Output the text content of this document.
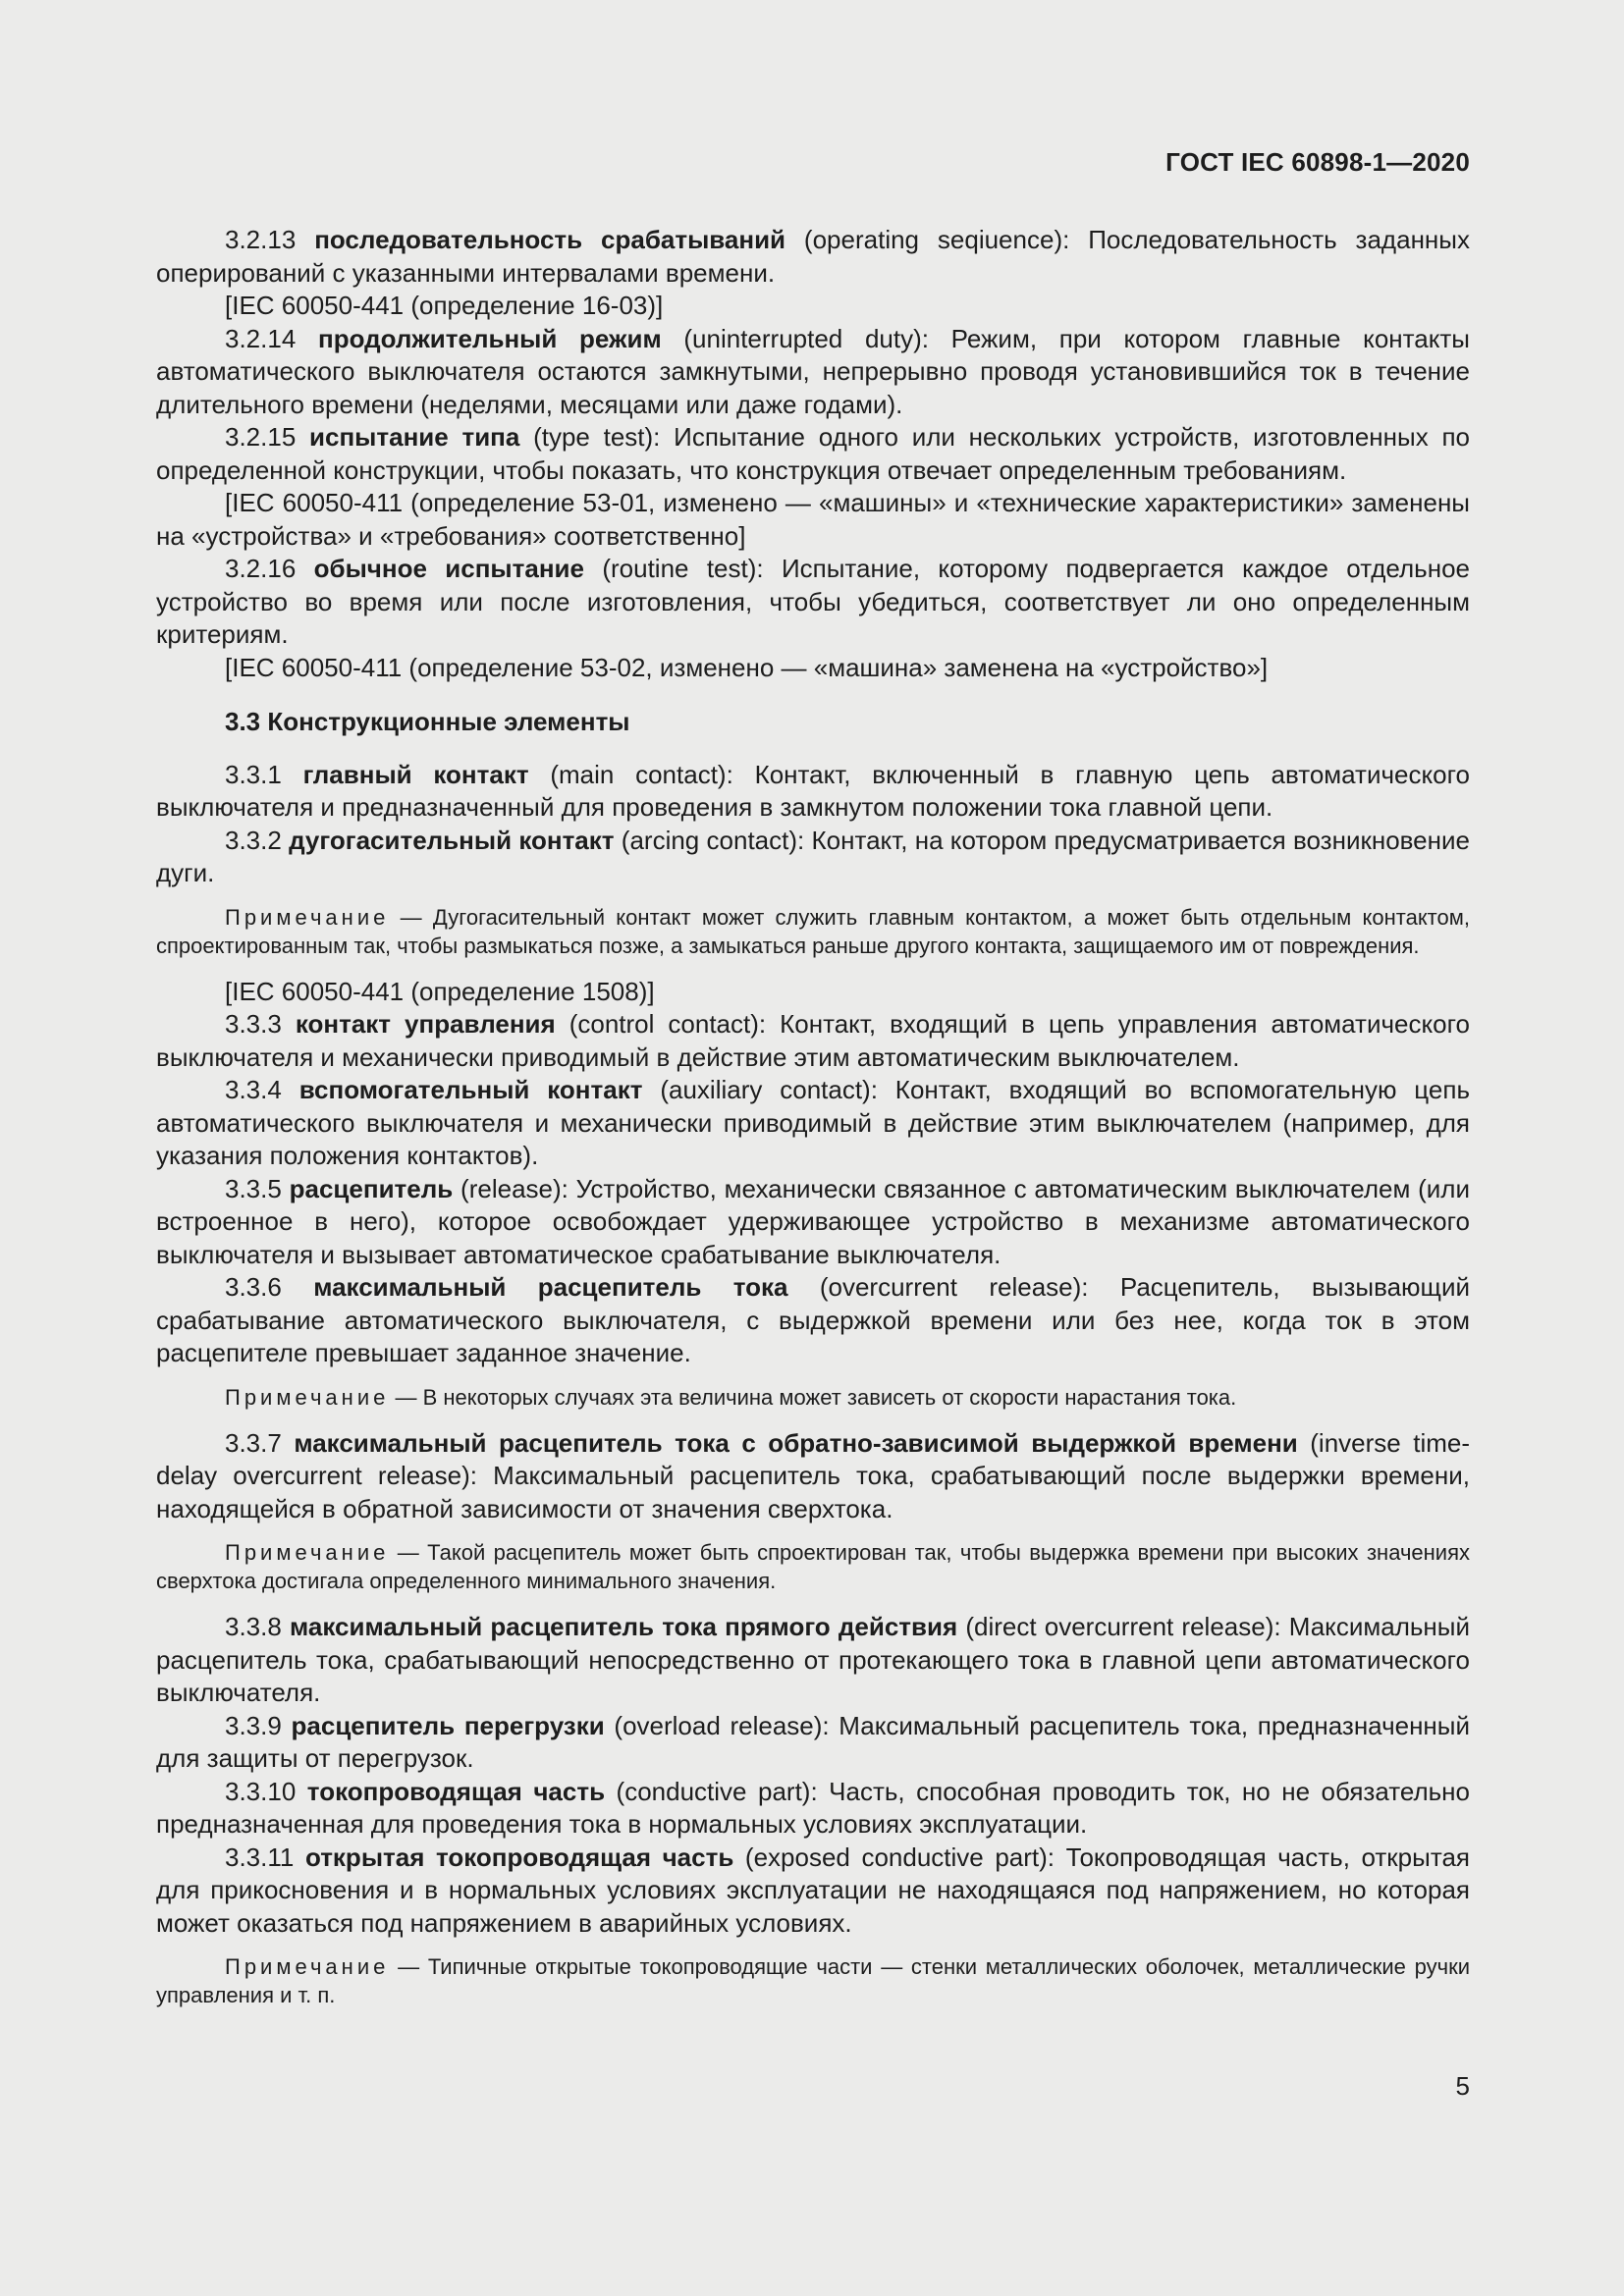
ГОСТ IEC 60898-1—2020

3.2.13 последовательность срабатываний (operating seqiuence): Последовательность заданных оперирований с указанными интервалами времени.

[IEC 60050-441 (определение 16-03)]

3.2.14 продолжительный режим (uninterrupted duty): Режим, при котором главные контакты автоматического выключателя остаются замкнутыми, непрерывно проводя установившийся ток в течение длительного времени (неделями, месяцами или даже годами).

3.2.15 испытание типа (type test): Испытание одного или нескольких устройств, изготовленных по определенной конструкции, чтобы показать, что конструкция отвечает определенным требованиям.

[IEC 60050-411 (определение 53-01, изменено — «машины» и «технические характеристики» заменены на «устройства» и «требования» соответственно]

3.2.16 обычное испытание (routine test): Испытание, которому подвергается каждое отдельное устройство во время или после изготовления, чтобы убедиться, соответствует ли оно определенным критериям.

[IEC 60050-411 (определение 53-02, изменено — «машина» заменена на «устройство»]

3.3 Конструкционные элементы

3.3.1 главный контакт (main contact): Контакт, включенный в главную цепь автоматического выключателя и предназначенный для проведения в замкнутом положении тока главной цепи.

3.3.2 дугогасительный контакт (arcing contact): Контакт, на котором предусматривается возникновение дуги.

Примечание — Дугогасительный контакт может служить главным контактом, а может быть отдельным контактом, спроектированным так, чтобы размыкаться позже, а замыкаться раньше другого контакта, защищаемого им от повреждения.

[IEC 60050-441 (определение 1508)]

3.3.3 контакт управления (control contact): Контакт, входящий в цепь управления автоматического выключателя и механически приводимый в действие этим автоматическим выключателем.

3.3.4 вспомогательный контакт (auxiliary contact): Контакт, входящий во вспомогательную цепь автоматического выключателя и механически приводимый в действие этим выключателем (например, для указания положения контактов).

3.3.5 расцепитель (release): Устройство, механически связанное с автоматическим выключателем (или встроенное в него), которое освобождает удерживающее устройство в механизме автоматического выключателя и вызывает автоматическое срабатывание выключателя.

3.3.6 максимальный расцепитель тока (overcurrent release): Расцепитель, вызывающий срабатывание автоматического выключателя, с выдержкой времени или без нее, когда ток в этом расцепителе превышает заданное значение.

Примечание — В некоторых случаях эта величина может зависеть от скорости нарастания тока.

3.3.7 максимальный расцепитель тока с обратно-зависимой выдержкой времени (inverse time-delay overcurrent release): Максимальный расцепитель тока, срабатывающий после выдержки времени, находящейся в обратной зависимости от значения сверхтока.

Примечание — Такой расцепитель может быть спроектирован так, чтобы выдержка времени при высоких значениях сверхтока достигала определенного минимального значения.

3.3.8 максимальный расцепитель тока прямого действия (direct overcurrent release): Максимальный расцепитель тока, срабатывающий непосредственно от протекающего тока в главной цепи автоматического выключателя.

3.3.9 расцепитель перегрузки (overload release): Максимальный расцепитель тока, предназначенный для защиты от перегрузок.

3.3.10 токопроводящая часть (conductive part): Часть, способная проводить ток, но не обязательно предназначенная для проведения тока в нормальных условиях эксплуатации.

3.3.11 открытая токопроводящая часть (exposed conductive part): Токопроводящая часть, открытая для прикосновения и в нормальных условиях эксплуатации не находящаяся под напряжением, но которая может оказаться под напряжением в аварийных условиях.

Примечание — Типичные открытые токопроводящие части — стенки металлических оболочек, металлические ручки управления и т. п.

5
